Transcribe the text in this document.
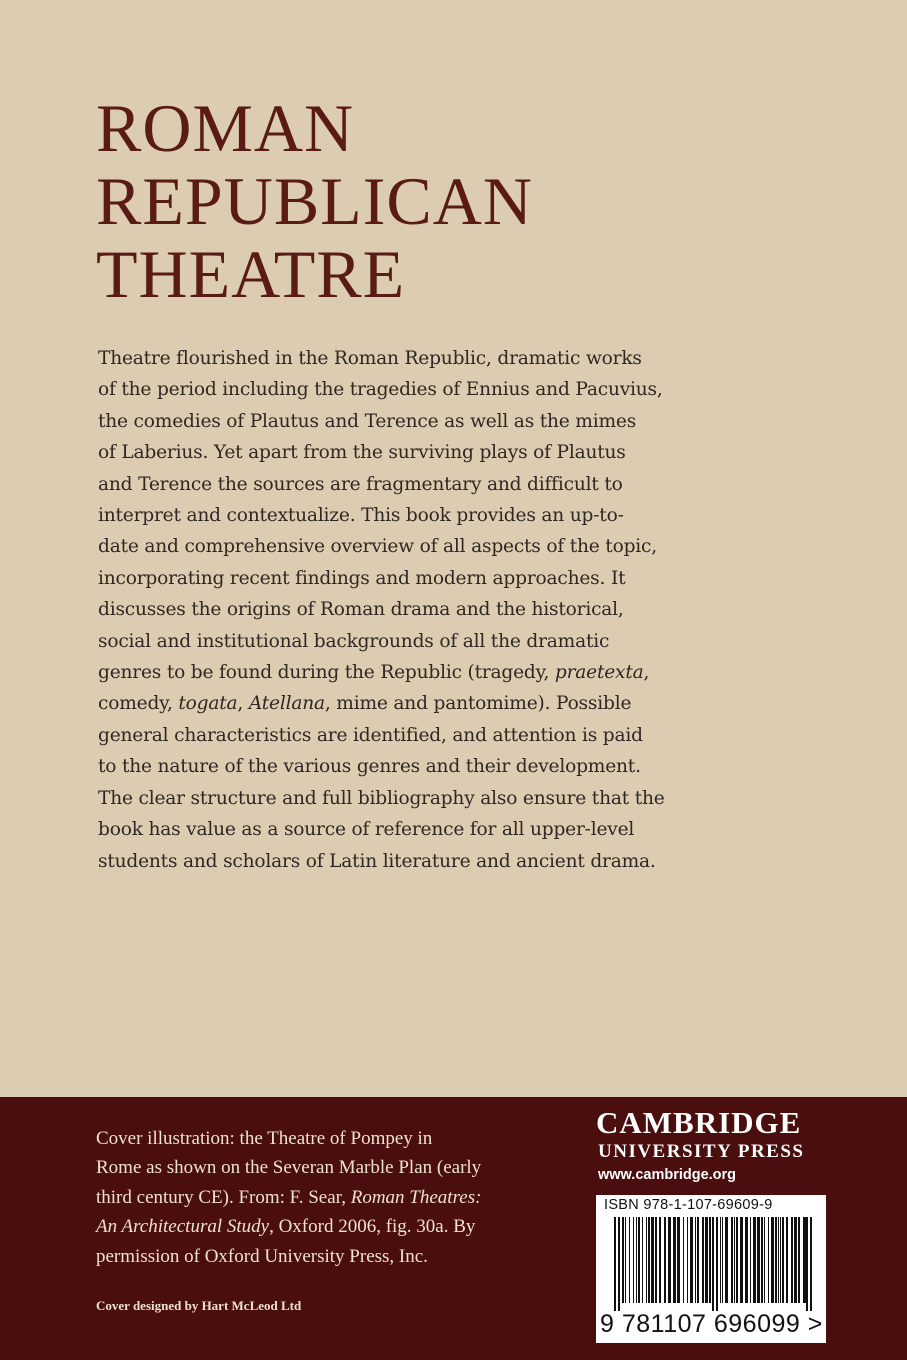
ROMAN
REPUBLICAN
THEATRE
Theatre flourished in the Roman Republic, dramatic works
of the period including the tragedies of Ennius and Pacuvius,
the comedies of Plautus and Terence as well as the mimes
of Laberius. Yet apart from the surviving plays of Plautus
and Terence the sources are fragmentary and difficult to
interpret and contextualize. This book provides an up-to-
date and comprehensive overview of all aspects of the topic,
incorporating recent findings and modern approaches. It
discusses the origins of Roman drama and the historical,
social and institutional backgrounds of all the dramatic
genres to be found during the Republic (tragedy, praetexta,
comedy, togata, Atellana, mime and pantomime). Possible
general characteristics are identified, and attention is paid
to the nature of the various genres and their development.
The clear structure and full bibliography also ensure that the
book has value as a source of reference for all upper-level
students and scholars of Latin literature and ancient drama.
Cover illustration: the Theatre of Pompey in
Rome as shown on the Severan Marble Plan (early
third century CE). From: F. Sear, Roman Theatres:
An Architectural Study, Oxford 2006, fig. 30a. By
permission of Oxford University Press, Inc.
Cover designed by Hart McLeod Ltd
CAMBRIDGE
UNIVERSITY PRESS
www.cambridge.org
ISBN 978-1-107-69609-9
9 781107 696099 >
